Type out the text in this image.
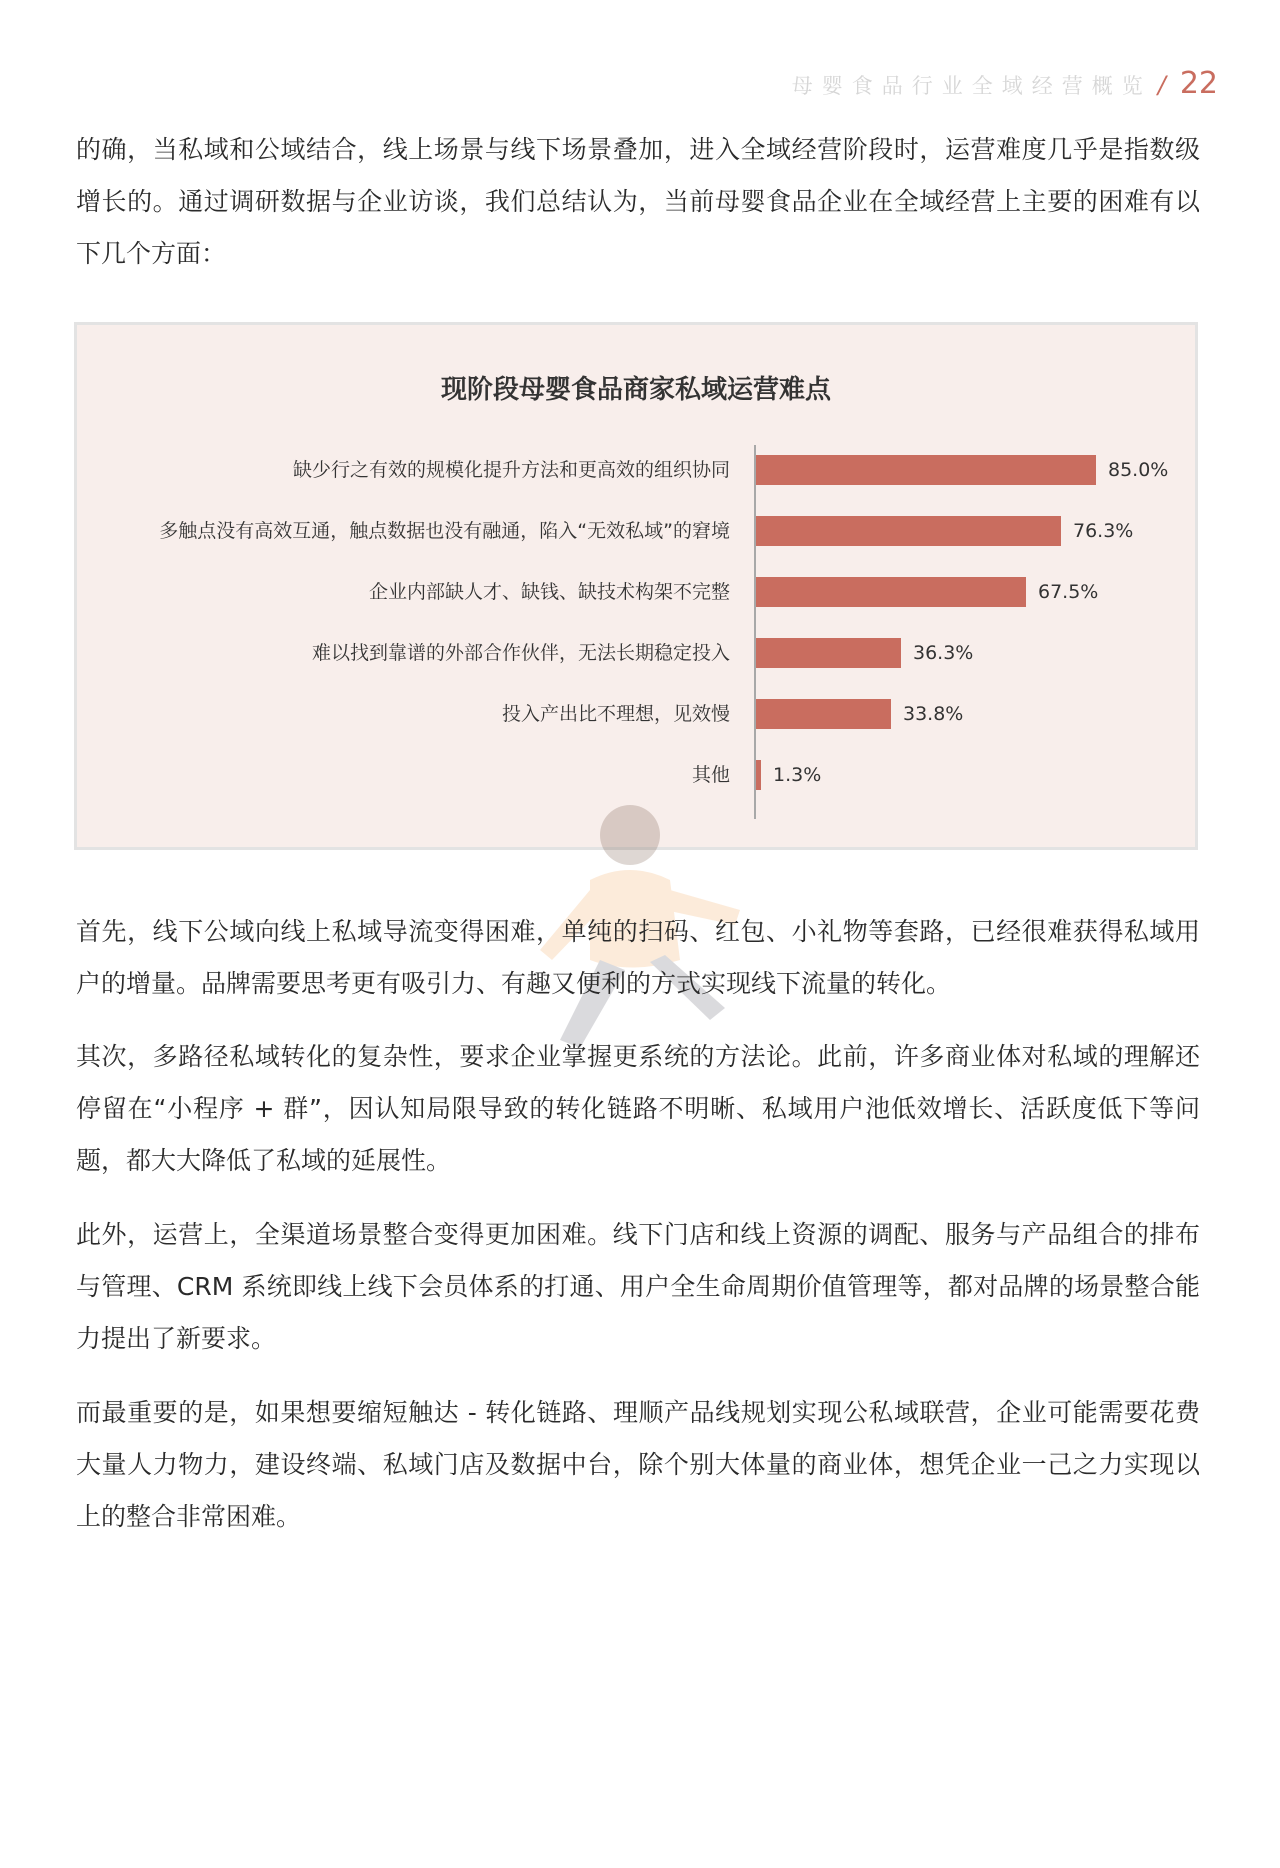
母婴食品行业全域经营概览 / 22

的确，当私域和公域结合，线上场景与线下场景叠加，进入全域经营阶段时，运营难度几乎是指数级增长的。通过调研数据与企业访谈，我们总结认为，当前母婴食品企业在全域经营上主要的困难有以下几个方面：

现阶段母婴食品商家私域运营难点
缺少行之有效的规模化提升方法和更高效的组织协同	85.0%
多触点没有高效互通，触点数据也没有融通，陷入“无效私域”的窘境	76.3%
企业内部缺人才、缺钱、缺技术构架不完整	67.5%
难以找到靠谱的外部合作伙伴，无法长期稳定投入	36.3%
投入产出比不理想，见效慢	33.8%
其他 1.3%

首先，线下公域向线上私域导流变得困难，单纯的扫码、红包、小礼物等套路，已经很难获得私域用户的增量。品牌需要思考更有吸引力、有趣又便利的方式实现线下流量的转化。

其次，多路径私域转化的复杂性，要求企业掌握更系统的方法论。此前，许多商业体对私域的理解还停留在“小程序 + 群”，因认知局限导致的转化链路不明晰、私域用户池低效增长、活跃度低下等问题，都大大降低了私域的延展性。

此外，运营上，全渠道场景整合变得更加困难。线下门店和线上资源的调配、服务与产品组合的排布与管理、CRM 系统即线上线下会员体系的打通、用户全生命周期价值管理等，都对品牌的场景整合能力提出了新要求。

而最重要的是，如果想要缩短触达 - 转化链路、理顺产品线规划实现公私域联营，企业可能需要花费大量人力物力，建设终端、私域门店及数据中台，除个别大体量的商业体，想凭企业一己之力实现以上的整合非常困难。
